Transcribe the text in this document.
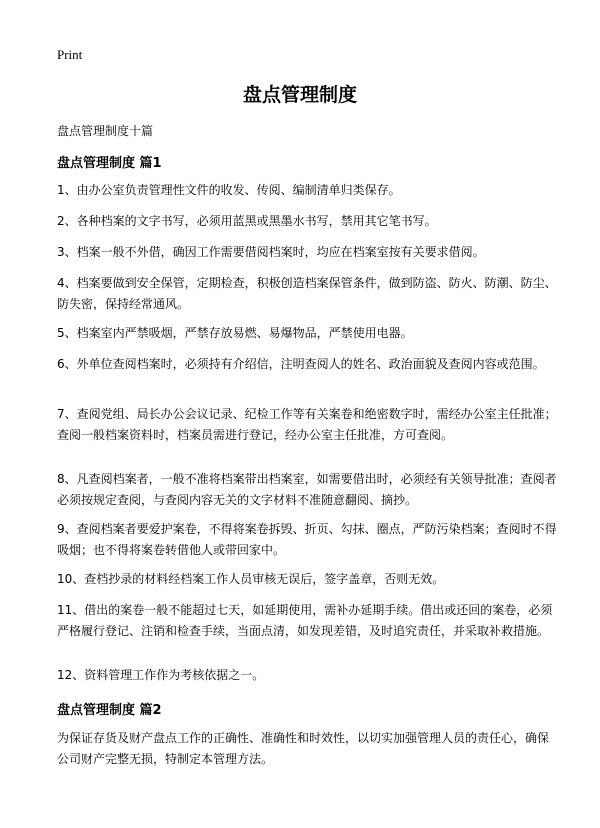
Print
盘点管理制度

盘点管理制度十篇

盘点管理制度 篇1

1、由办公室负责管理性文件的收发、传阅、编制清单归类保存。

2、各种档案的文字书写，必须用蓝黑或黑墨水书写，禁用其它笔书写。

3、档案一般不外借，确因工作需要借阅档案时，均应在档案室按有关要求借阅。

4、档案要做到安全保管，定期检查，积极创造档案保管条件，做到防盗、防火、防潮、防尘、防失密，保持经常通风。

5、档案室内严禁吸烟，严禁存放易燃、易爆物品，严禁使用电器。

6、外单位查阅档案时，必须持有介绍信，注明查阅人的姓名、政治面貌及查阅内容或范围。

7、查阅党组、局长办公会议记录、纪检工作等有关案卷和绝密数字时，需经办公室主任批准；查阅一般档案资料时，档案员需进行登记，经办公室主任批准，方可查阅。

8、凡查阅档案者，一般不准将档案带出档案室，如需要借出时，必须经有关领导批准；查阅者必须按规定查阅，与查阅内容无关的文字材料不准随意翻阅、摘抄。

9、查阅档案者要爱护案卷，不得将案卷拆毁、折页、勾抹、圈点，严防污染档案；查阅时不得吸烟；也不得将案卷转借他人或带回家中。

10、查档抄录的材料经档案工作人员审核无误后，签字盖章，否则无效。

11、借出的案卷一般不能超过七天，如延期使用，需补办延期手续。借出或还回的案卷，必须严格履行登记、注销和检查手续，当面点清，如发现差错，及时追究责任，并采取补救措施。

12、资料管理工作作为考核依据之一。

盘点管理制度 篇2

为保证存货及财产盘点工作的正确性、准确性和时效性，以切实加强管理人员的责任心，确保公司财产完整无损，特制定本管理方法。
